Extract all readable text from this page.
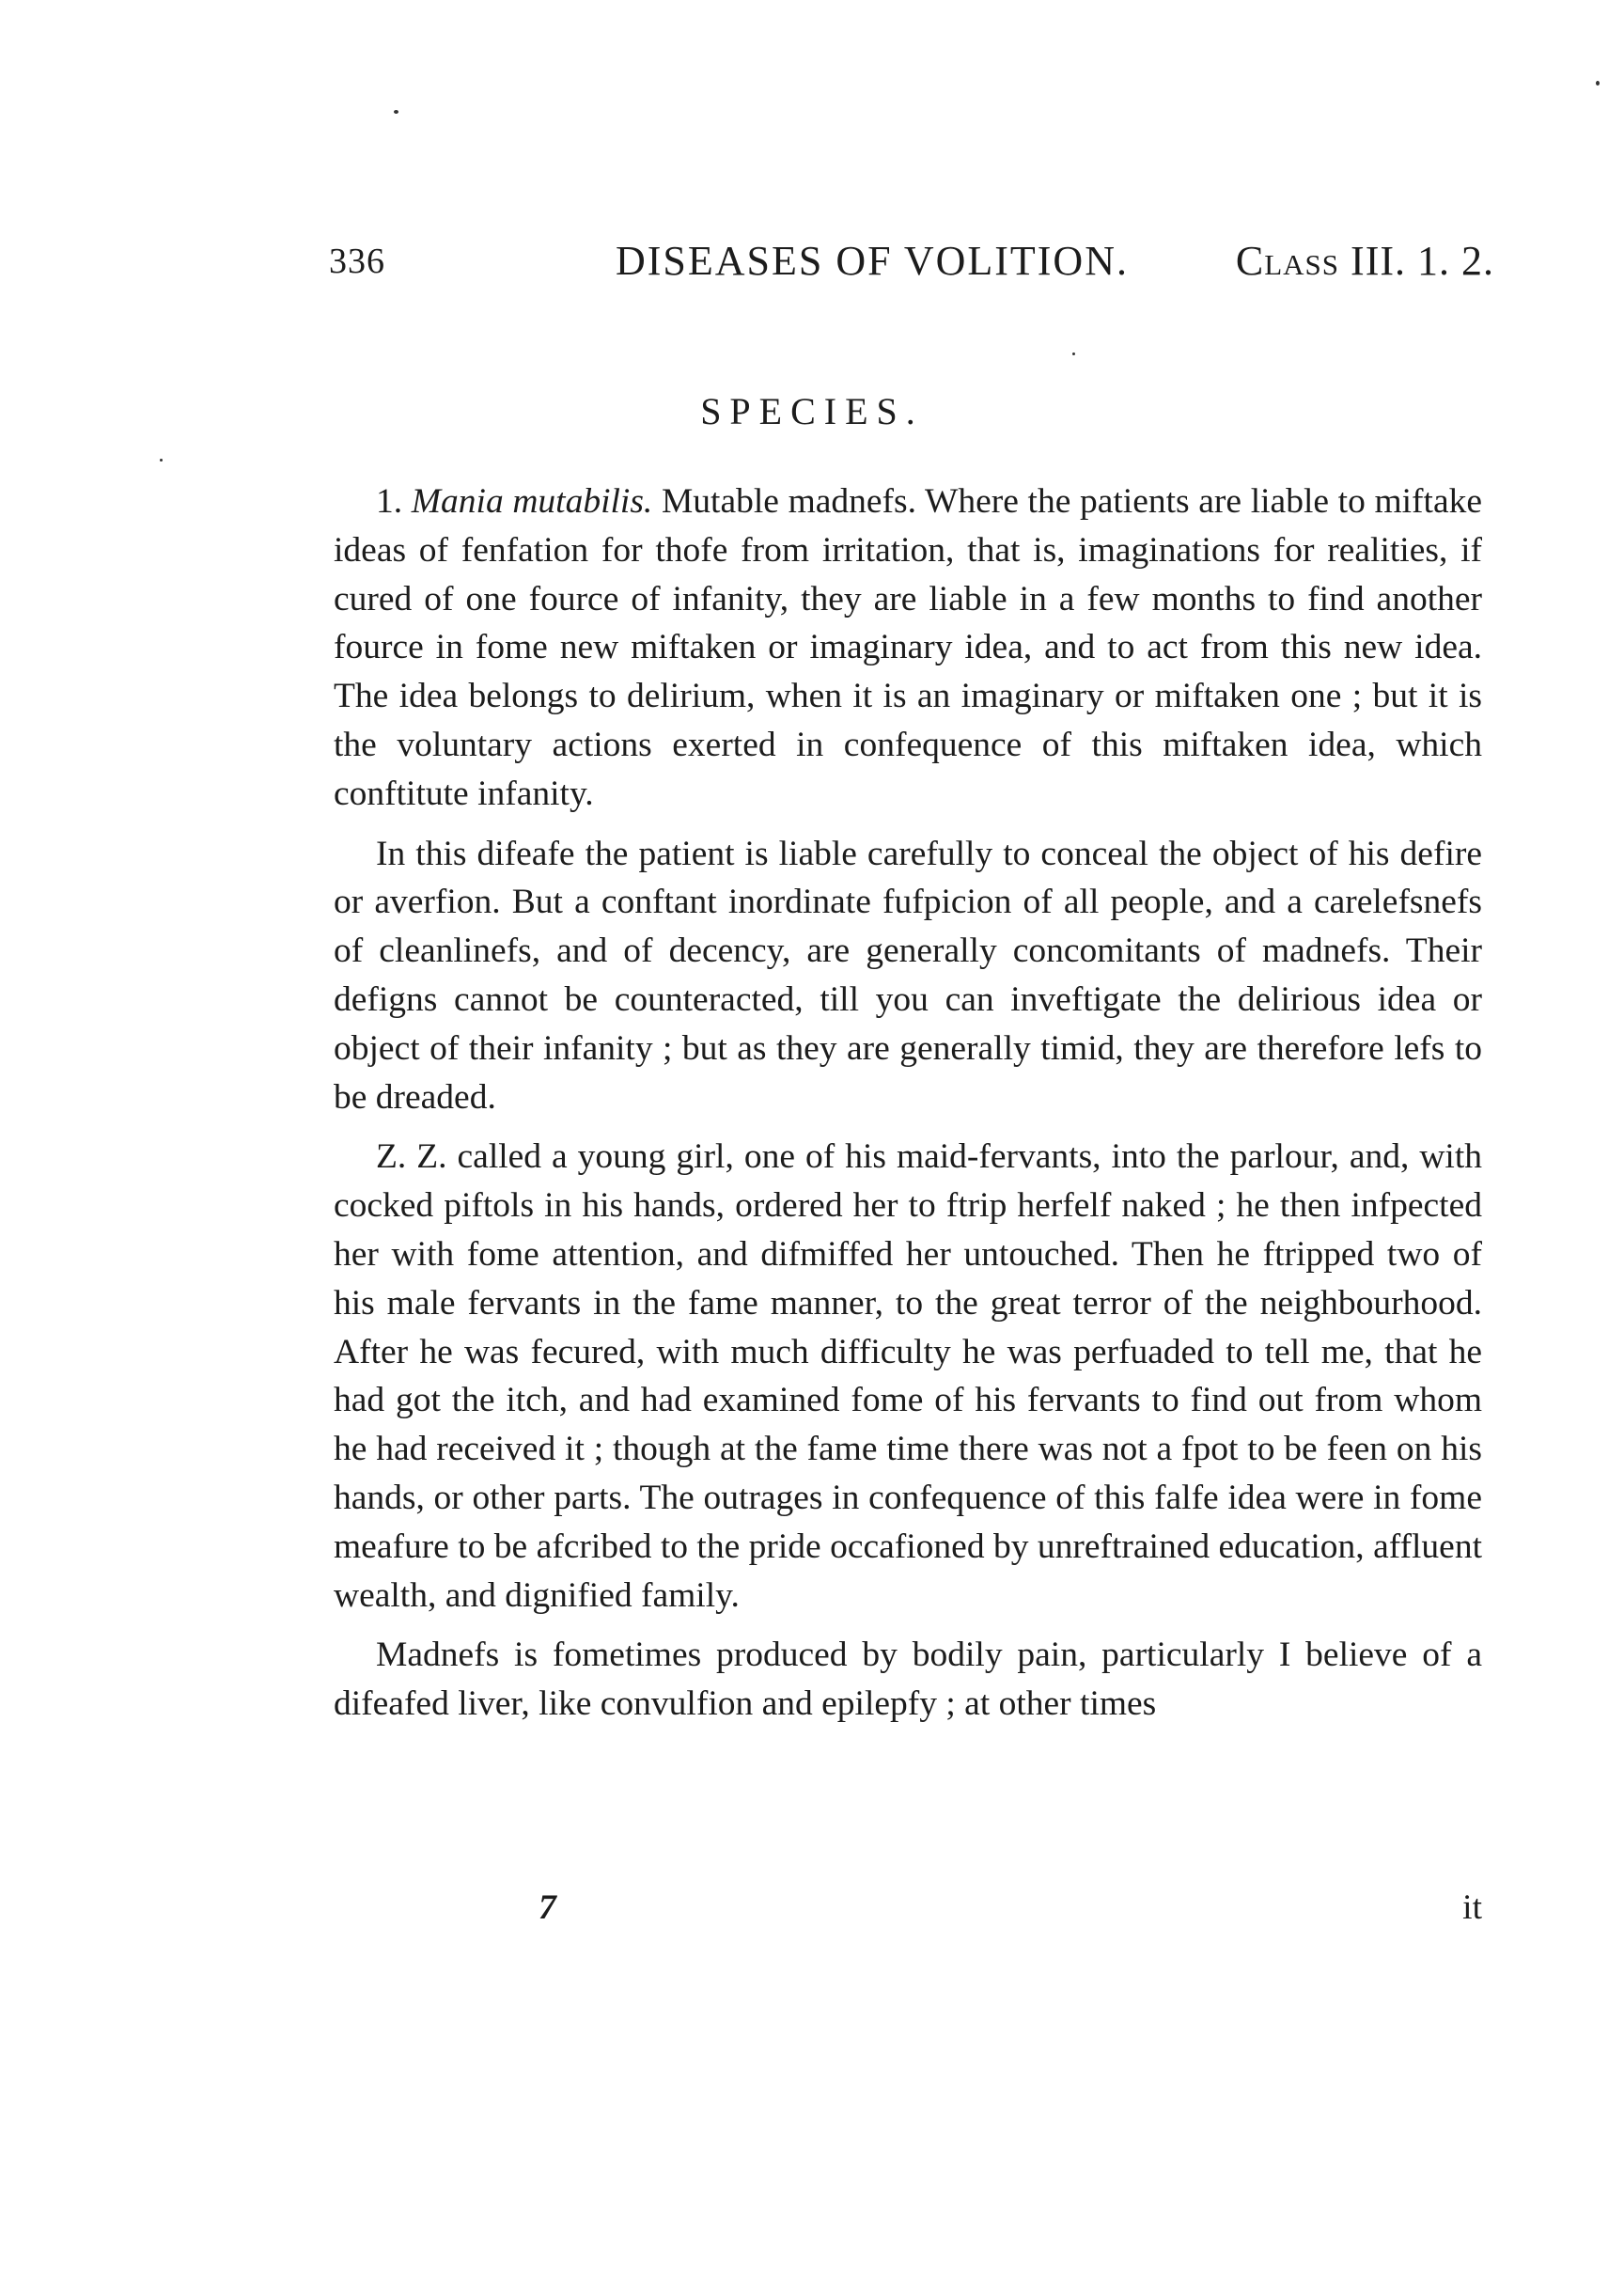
336	DISEASES OF VOLITION.	Class III. 1. 2.
SPECIES.

1. Mania mutabilis. Mutable madnefs. Where the patients are liable to miftake ideas of fenfation for thofe from irritation, that is, imaginations for realities, if cured of one fource of infanity, they are liable in a few months to find another fource in fome new miftaken or imaginary idea, and to act from this new idea. The idea belongs to delirium, when it is an imaginary or miftaken one ; but it is the voluntary actions exerted in confequence of this miftaken idea, which conftitute infanity.

In this difeafe the patient is liable carefully to conceal the object of his defire or averfion. But a conftant inordinate fufpicion of all people, and a carelefsnefs of cleanlinefs, and of decency, are generally concomitants of madnefs. Their defigns cannot be counteracted, till you can inveftigate the delirious idea or object of their infanity ; but as they are generally timid, they are therefore lefs to be dreaded.

Z. Z. called a young girl, one of his maid-fervants, into the parlour, and, with cocked piftols in his hands, ordered her to ftrip herfelf naked ; he then infpected her with fome attention, and difmiffed her untouched. Then he ftripped two of his male fervants in the fame manner, to the great terror of the neighbourhood. After he was fecured, with much difficulty he was perfuaded to tell me, that he had got the itch, and had examined fome of his fervants to find out from whom he had received it ; though at the fame time there was not a fpot to be feen on his hands, or other parts. The outrages in confequence of this falfe idea were in fome meafure to be afcribed to the pride occafioned by unreftrained education, affluent wealth, and dignified family.

Madnefs is fometimes produced by bodily pain, particularly I believe of a difeafed liver, like convulfion and epilepfy ; at other times

7	it
